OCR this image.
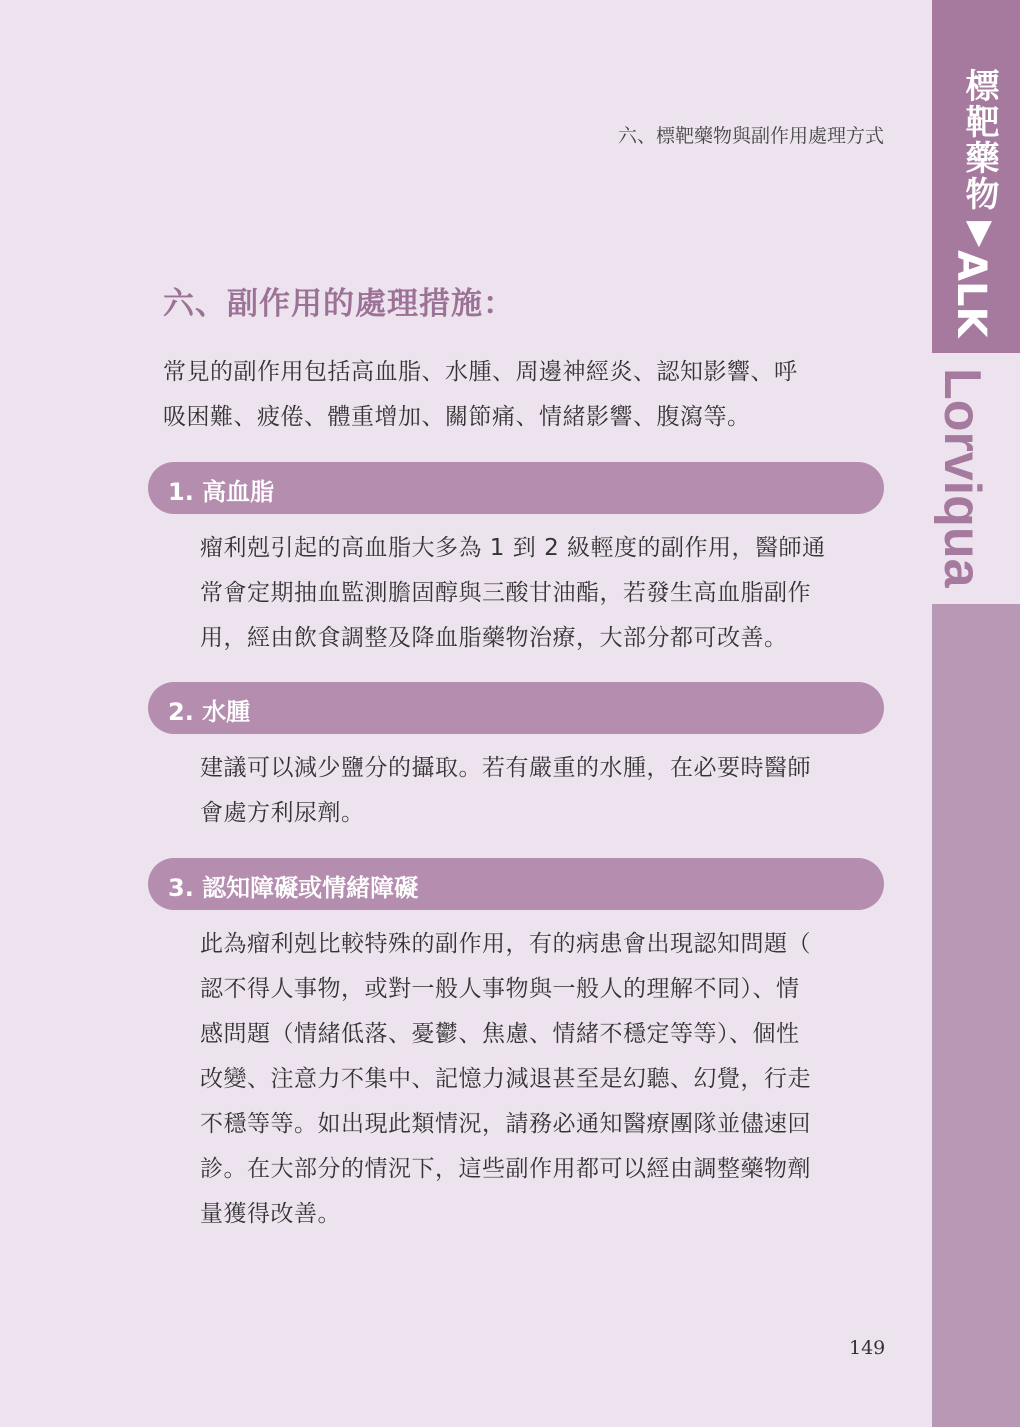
標靶藥物▼
ALK
Lorviqua
六、標靶藥物與副作用處理方式
六、副作用的處理措施：
常見的副作用包括高血脂、水腫、周邊神經炎、認知影響、呼
吸困難、疲倦、體重增加、關節痛、情緒影響、腹瀉等。
1. 高血脂
瘤利剋引起的高血脂大多為 1 到 2 級輕度的副作用，醫師通
常會定期抽血監測膽固醇與三酸甘油酯，若發生高血脂副作
用，經由飲食調整及降血脂藥物治療，大部分都可改善。
2. 水腫
建議可以減少鹽分的攝取。若有嚴重的水腫，在必要時醫師
會處方利尿劑。
3. 認知障礙或情緒障礙
此為瘤利剋比較特殊的副作用，有的病患會出現認知問題（
認不得人事物，或對一般人事物與一般人的理解不同）、情
感問題（情緒低落、憂鬱、焦慮、情緒不穩定等等）、個性
改變、注意力不集中、記憶力減退甚至是幻聽、幻覺，行走
不穩等等。如出現此類情況，請務必通知醫療團隊並儘速回
診。在大部分的情況下，這些副作用都可以經由調整藥物劑
量獲得改善。
149
